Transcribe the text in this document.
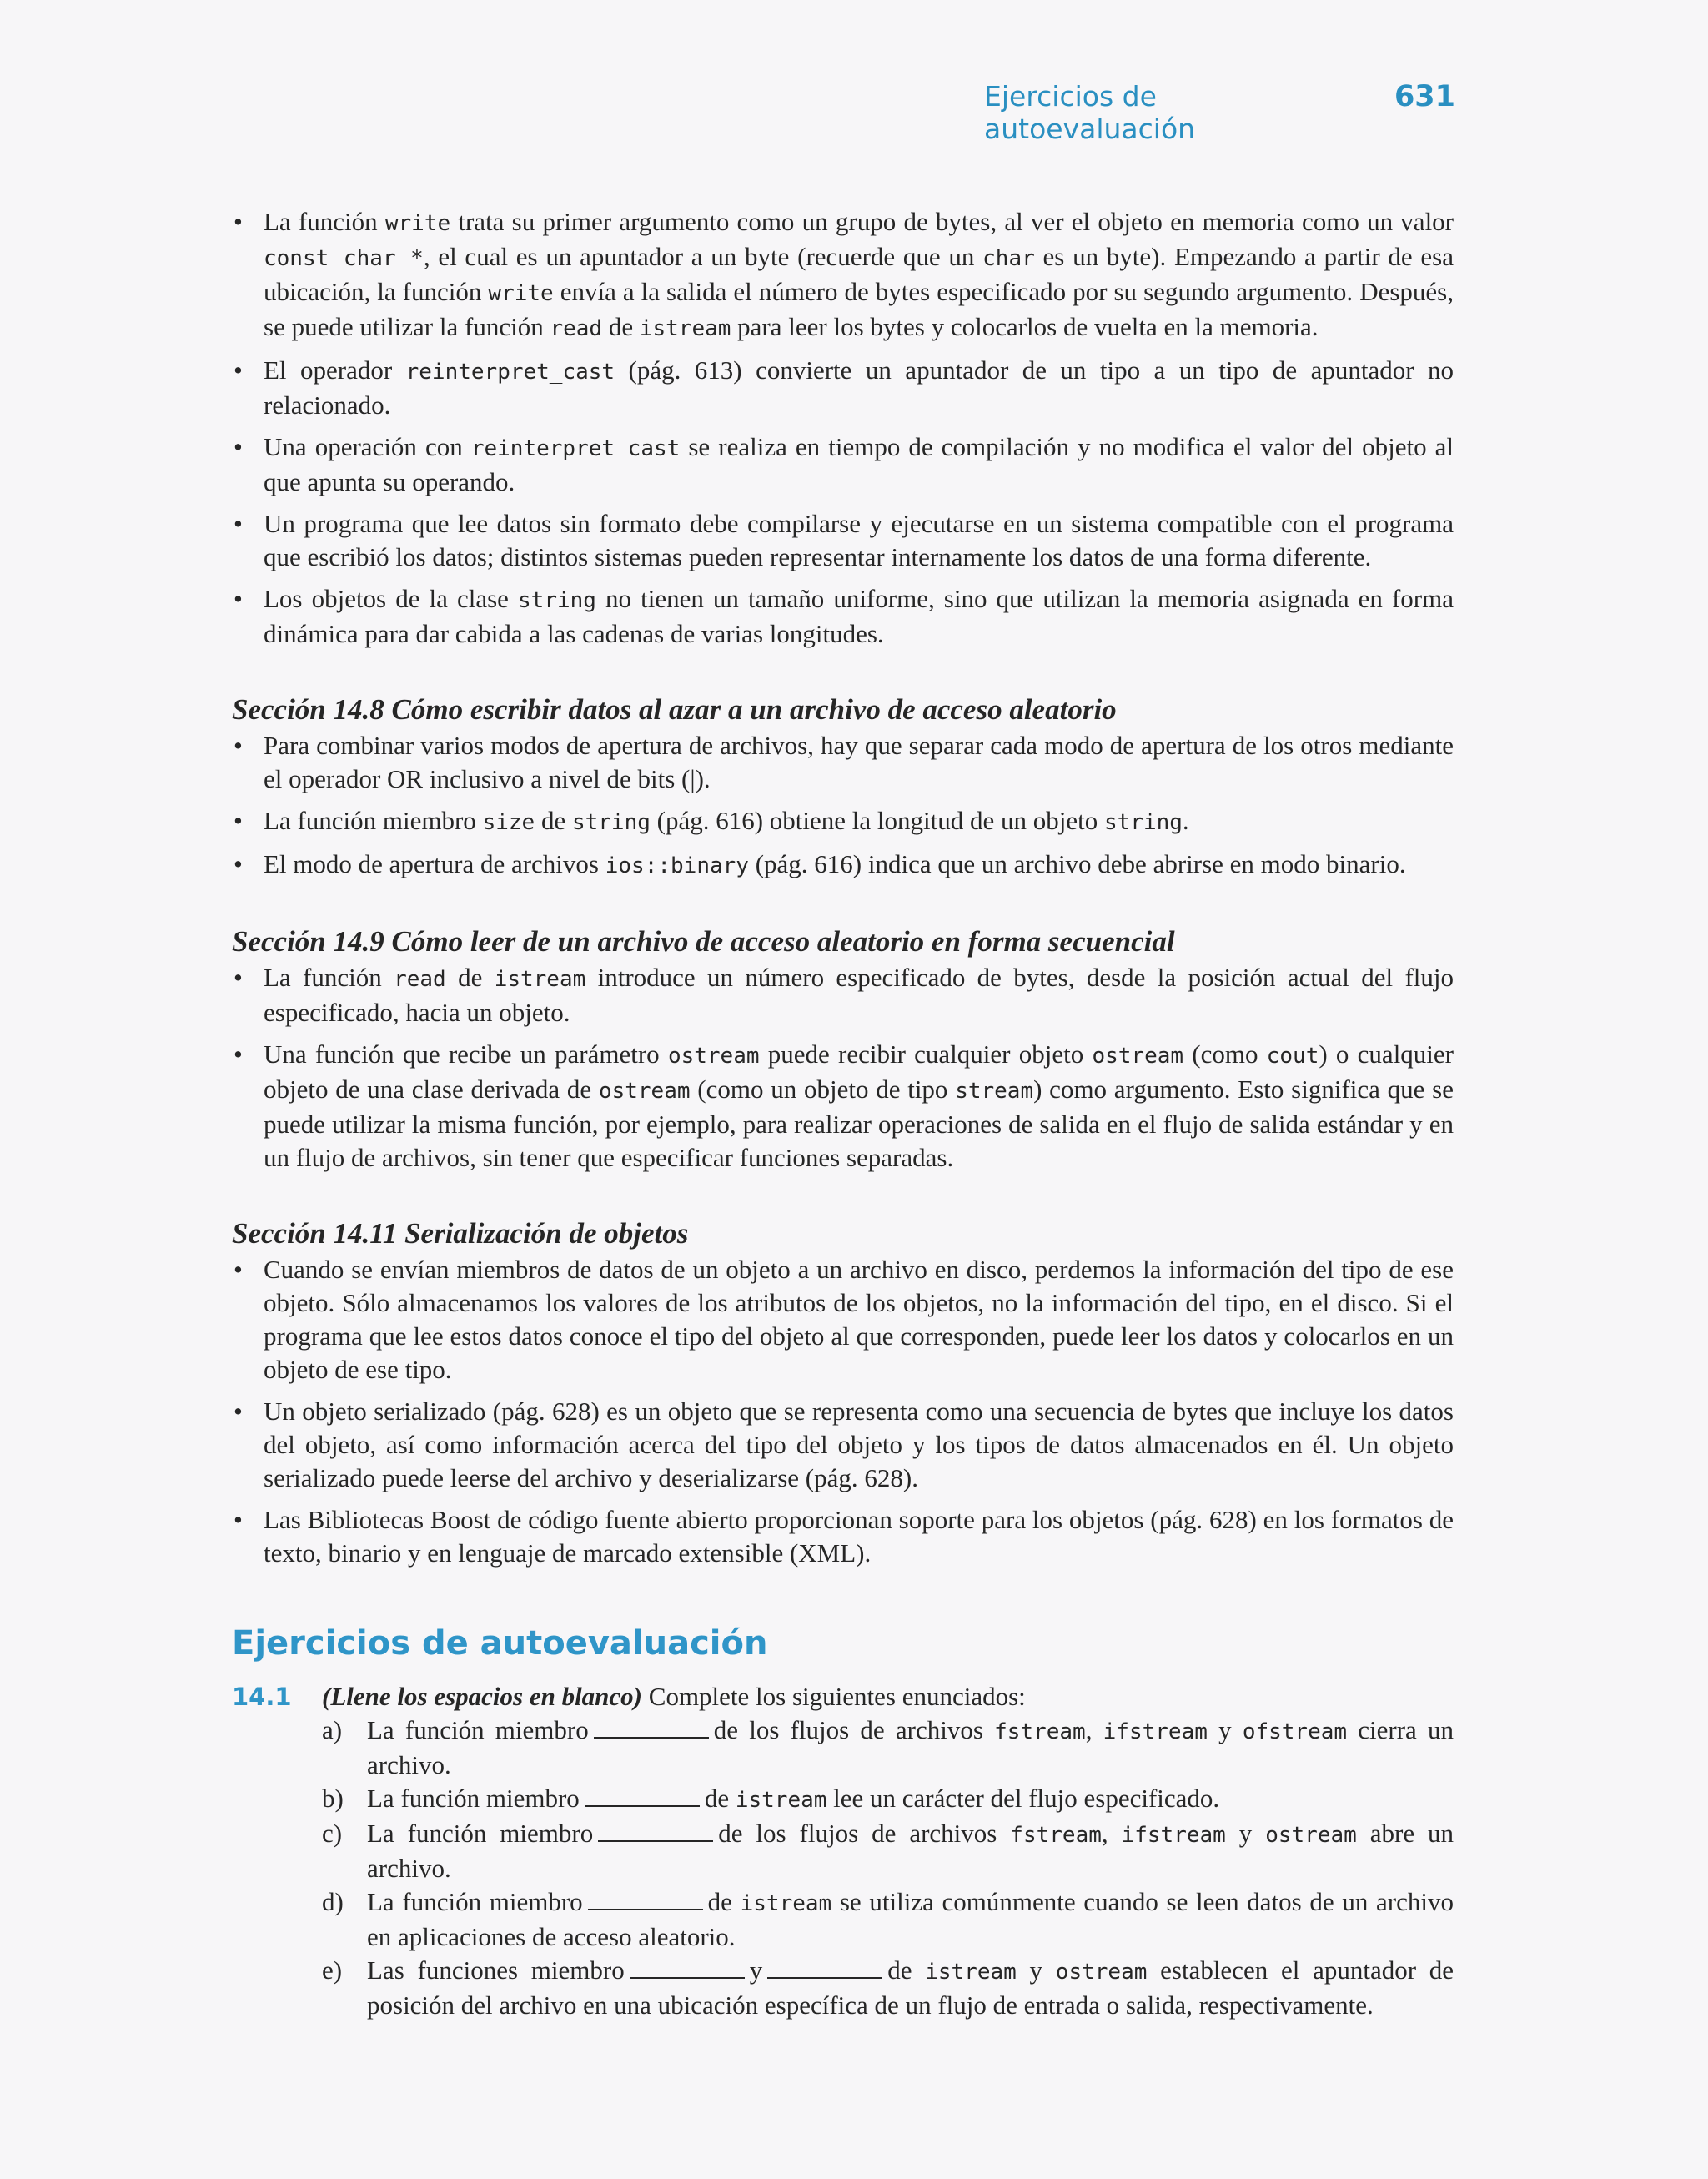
Ejercicios de autoevaluación
631
• La función write trata su primer argumento como un grupo de bytes, al ver el objeto en memoria como un valor const char *, el cual es un apuntador a un byte (recuerde que un char es un byte). Empezando a partir de esa ubicación, la función write envía a la salida el número de bytes especificado por su segundo argumento. Después, se puede utilizar la función read de istream para leer los bytes y colocarlos de vuelta en la memoria.
• El operador reinterpret_cast (pág. 613) convierte un apuntador de un tipo a un tipo de apuntador no relacionado.
• Una operación con reinterpret_cast se realiza en tiempo de compilación y no modifica el valor del objeto al que apunta su operando.
• Un programa que lee datos sin formato debe compilarse y ejecutarse en un sistema compatible con el programa que escribió los datos; distintos sistemas pueden representar internamente los datos de una forma diferente.
• Los objetos de la clase string no tienen un tamaño uniforme, sino que utilizan la memoria asignada en forma dinámica para dar cabida a las cadenas de varias longitudes.
Sección 14.8 Cómo escribir datos al azar a un archivo de acceso aleatorio
• Para combinar varios modos de apertura de archivos, hay que separar cada modo de apertura de los otros mediante el operador OR inclusivo a nivel de bits (|).
• La función miembro size de string (pág. 616) obtiene la longitud de un objeto string.
• El modo de apertura de archivos ios::binary (pág. 616) indica que un archivo debe abrirse en modo binario.
Sección 14.9 Cómo leer de un archivo de acceso aleatorio en forma secuencial
• La función read de istream introduce un número especificado de bytes, desde la posición actual del flujo especificado, hacia un objeto.
• Una función que recibe un parámetro ostream puede recibir cualquier objeto ostream (como cout) o cualquier objeto de una clase derivada de ostream (como un objeto de tipo stream) como argumento. Esto significa que se puede utilizar la misma función, por ejemplo, para realizar operaciones de salida en el flujo de salida estándar y en un flujo de archivos, sin tener que especificar funciones separadas.
Sección 14.11 Serialización de objetos
• Cuando se envían miembros de datos de un objeto a un archivo en disco, perdemos la información del tipo de ese objeto. Sólo almacenamos los valores de los atributos de los objetos, no la información del tipo, en el disco. Si el programa que lee estos datos conoce el tipo del objeto al que corresponden, puede leer los datos y colocarlos en un objeto de ese tipo.
• Un objeto serializado (pág. 628) es un objeto que se representa como una secuencia de bytes que incluye los datos del objeto, así como información acerca del tipo del objeto y los tipos de datos almacenados en él. Un objeto serializado puede leerse del archivo y deserializarse (pág. 628).
• Las Bibliotecas Boost de código fuente abierto proporcionan soporte para los objetos (pág. 628) en los formatos de texto, binario y en lenguaje de marcado extensible (XML).
Ejercicios de autoevaluación
14.1 (Llene los espacios en blanco) Complete los siguientes enunciados:
a) La función miembro	de los flujos de archivos fstream, ifstream y ofstream cierra un archivo.
b) La función miembro	de istream lee un carácter del flujo especificado.
c) La función miembro	de los flujos de archivos fstream, ifstream y ostream abre un archivo.
d) La función miembro	de istream se utiliza comúnmente cuando se leen datos de un archivo en aplicaciones de acceso aleatorio.
e) Las funciones miembro	y	de istream y ostream establecen el apuntador de posición del archivo en una ubicación específica de un flujo de entrada o salida, respectivamente.
